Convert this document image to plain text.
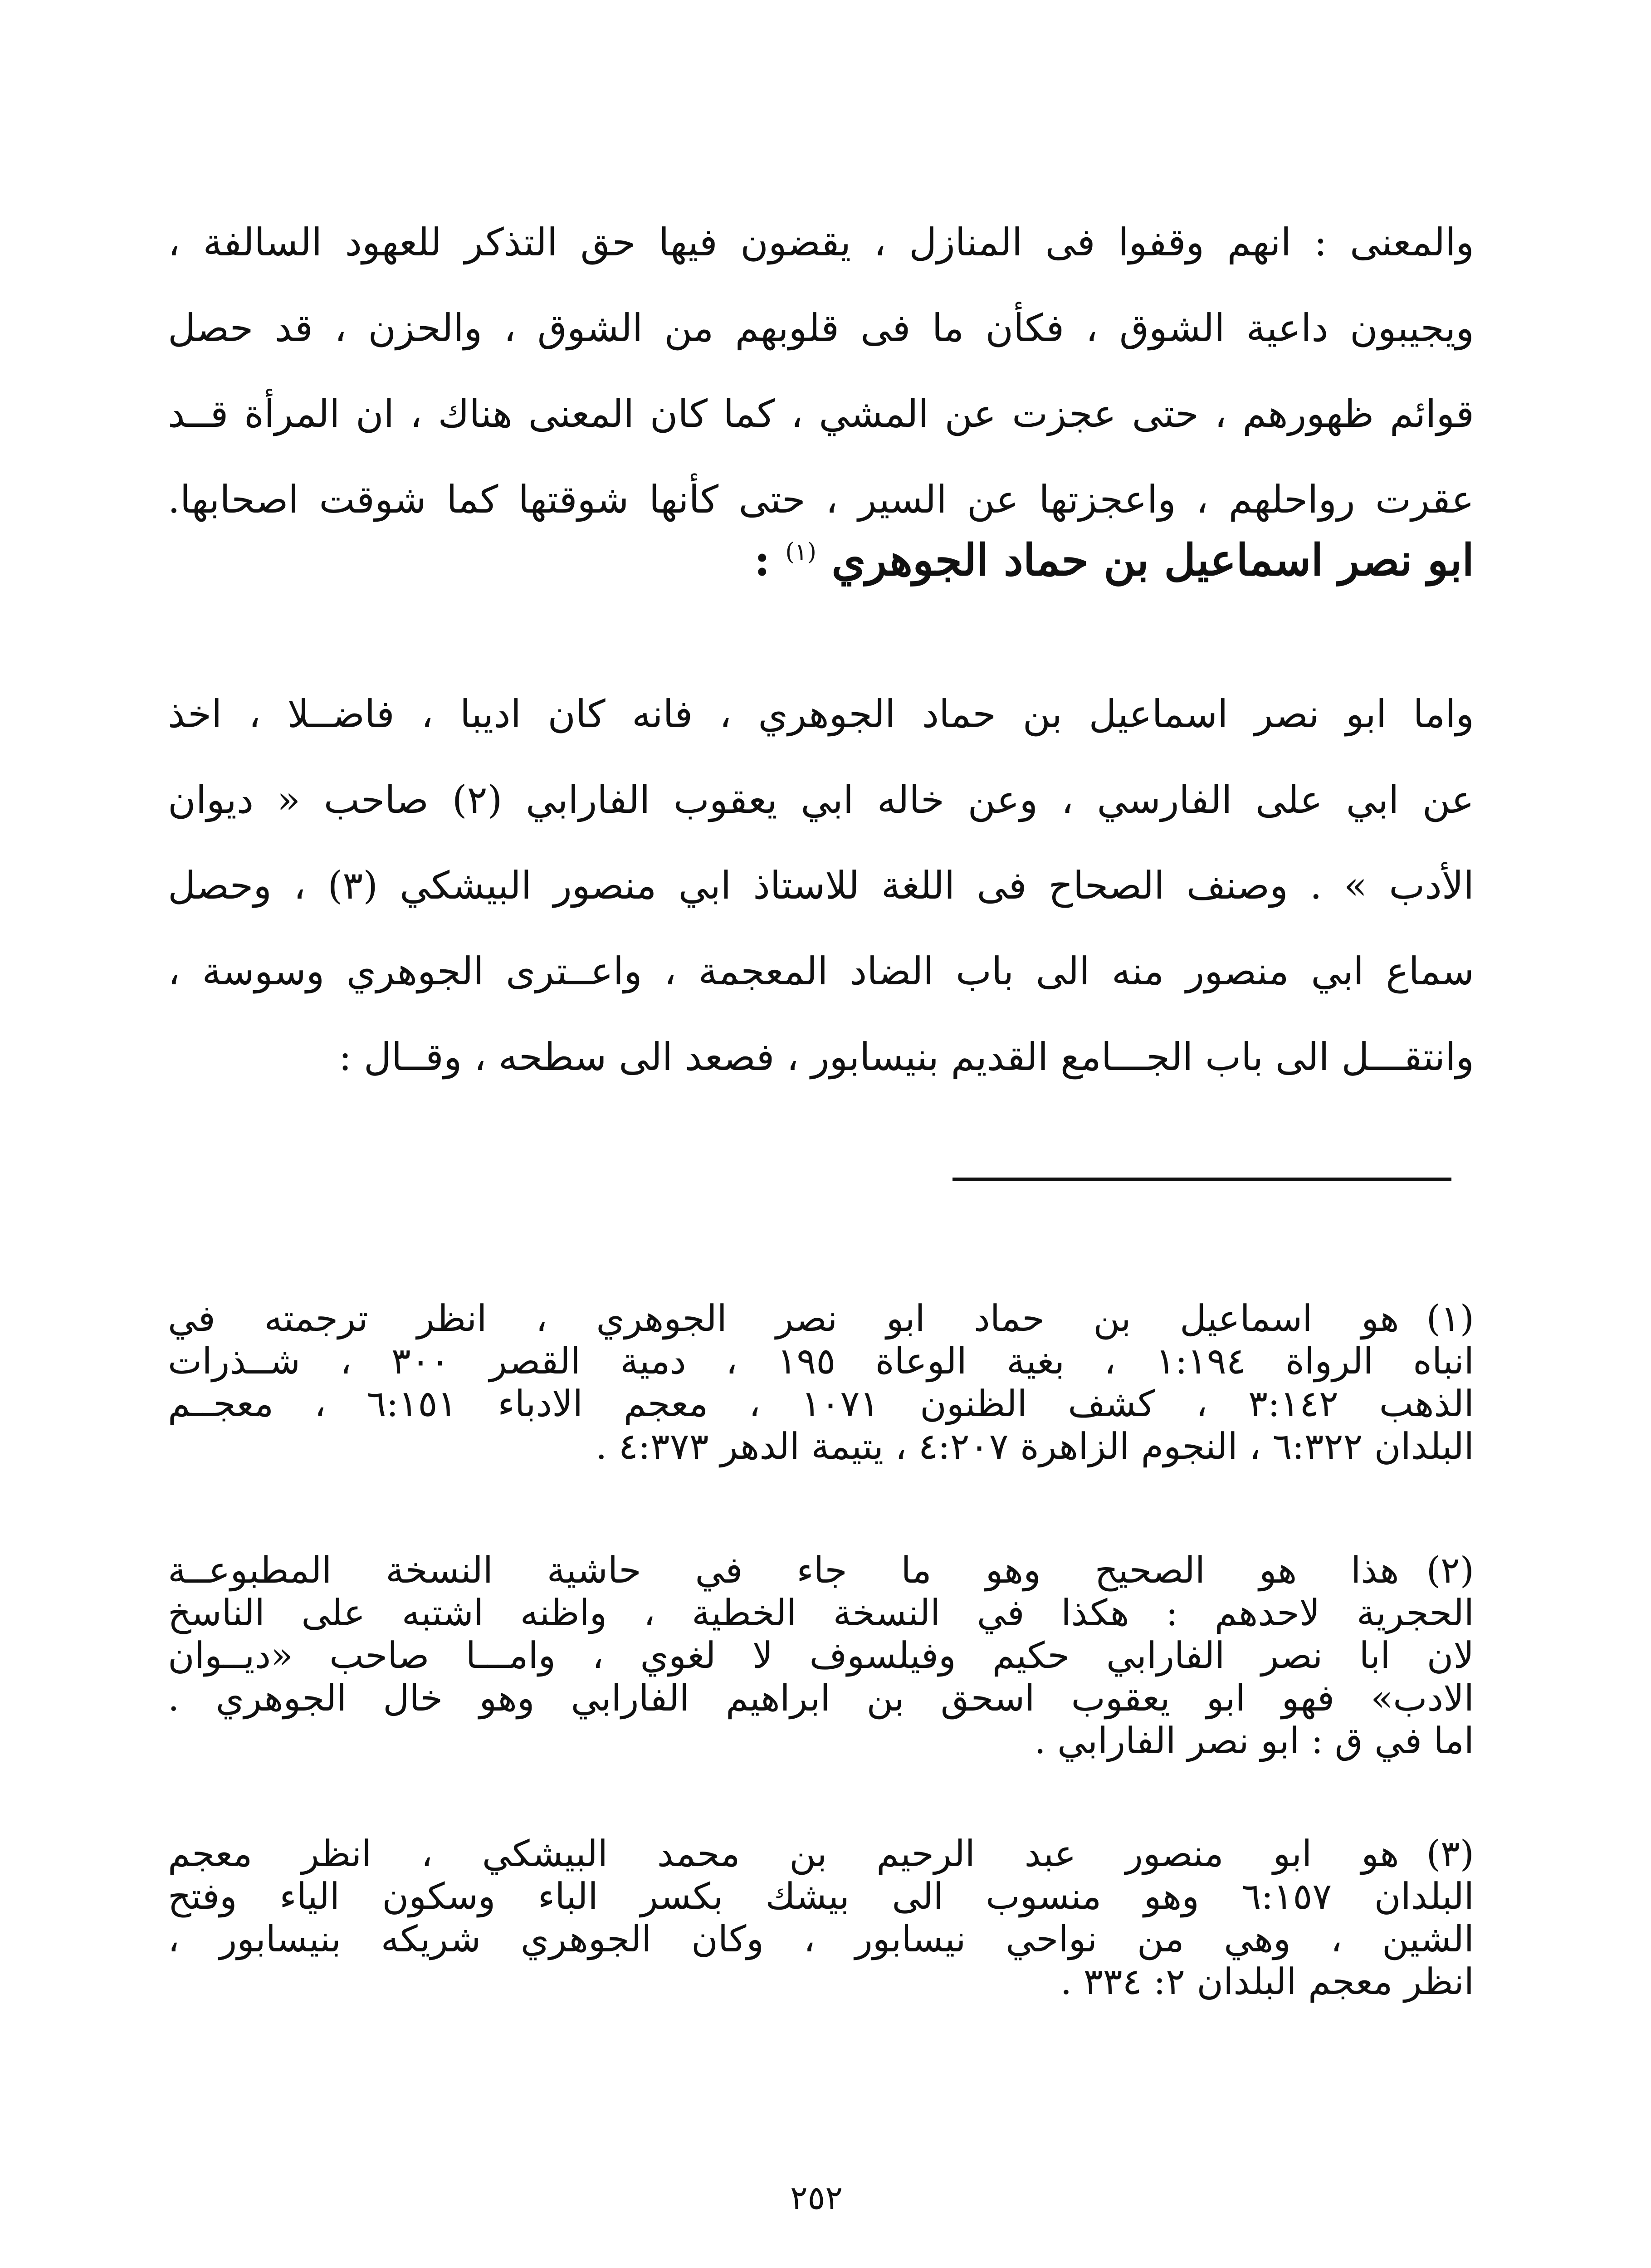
والمعنى : انهم وقفوا فى المنازل ، يقضون فيها حق التذكر للعهود السالفة ،
ويجيبون داعية الشوق ، فكأن ما فى قلوبهم من الشوق ، والحزن ، قد حصل
قوائم ظهورهم ، حتى عجزت عن المشي ، كما كان المعنى هناك ، ان المرأة قــد
عقرت رواحلهم ، واعجزتها عن السير ، حتى كأنها شوقتها كما شوقت اصحابها.
ابو نصر اسماعيل بن حماد الجوهري $^{(١)}$ :
واما ابو نصر اسماعيل بن حماد الجوهري ، فانه كان اديبا ، فاضــلا ، اخذ
عن ابي على الفارسي ، وعن خاله ابي يعقوب الفارابي (٢) صاحب « ديوان
الأدب » . وصنف الصحاح فى اللغة للاستاذ ابي منصور البيشكي (٣) ، وحصل
سماع ابي منصور منه الى باب الضاد المعجمة ، واعــترى الجوهري وسوسة ،
وانتقـــل الى باب الجـــامع القديم بنيسابور ، فصعد الى سطحه ، وقــال :
(١)هو اسماعيل بن حماد ابو نصر الجوهري ، انظر ترجمته في
انباه الرواة ١:١٩٤ ، بغية الوعاة ١٩٥ ، دمية القصر ٣٠٠ ، شــذرات
الذهب ٣:١٤٢ ، كشف الظنون ١٠٧١ ، معجم الادباء ٦:١٥١ ، معجــم
البلدان ٦:٣٢٢ ، النجوم الزاهرة ٤:٢٠٧ ، يتيمة الدهر ٤:٣٧٣ .
(٢)هذا هو الصحيح وهو ما جاء في حاشية النسخة المطبوعــة
الحجرية لاحدهم : هكذا في النسخة الخطية ، واظنه اشتبه على الناسخ
لان ابا نصر الفارابي حكيم وفيلسوف لا لغوي ، وامـــا صاحب «ديــوان
الادب» فهو ابو يعقوب اسحق بن ابراهيم الفارابي وهو خال الجوهري .
اما في ق : ابو نصر الفارابي .
(٣)هو ابو منصور عبد الرحيم بن محمد البيشكي ، انظر معجم
البلدان ٦:١٥٧ وهو منسوب الى بيشك بكسر الباء وسكون الياء وفتح
الشين ، وهي من نواحي نيسابور ، وكان الجوهري شريكه بنيسابور ،
انظر معجم البلدان ٢: ٣٣٤ .
٢٥٢
